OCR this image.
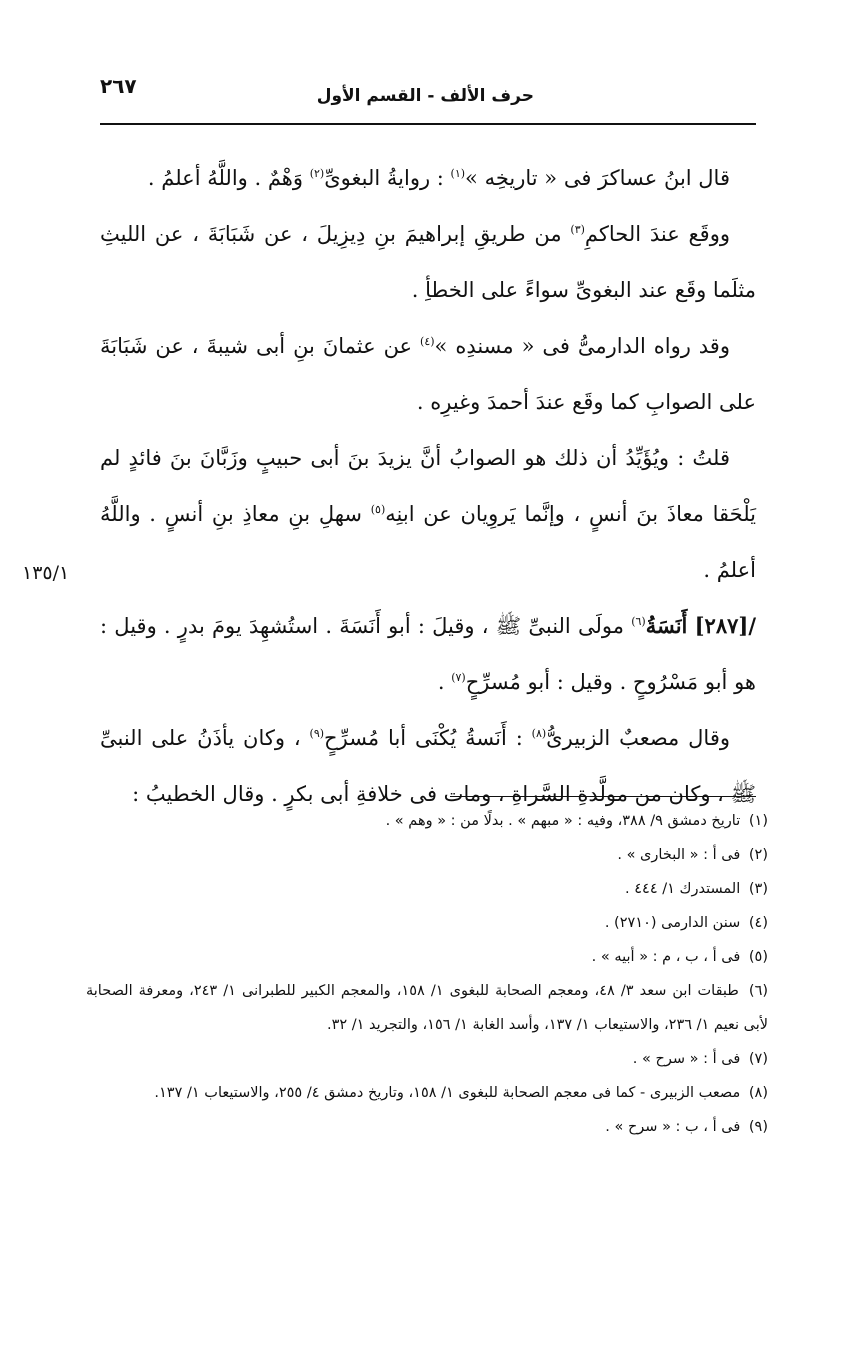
حرف الألف - القسم الأول
٢٦٧

قال ابنُ عساكرَ فى « تاريخِه »$^{(١)}$ : روايةُ البغوىِّ$^{(٢)}$ وَهْمٌ . واللَّهُ أعلمُ .

ووقَع عندَ الحاكمِ$^{(٣)}$ من طريقِ إبراهيمَ بنِ دِيزِيلَ ، عن شَبَابَةَ ، عن الليثِ مثلَما وقَع عند البغوىِّ سواءً على الخطأِ .

وقد رواه الدارمىُّ فى « مسندِه »$^{(٤)}$ عن عثمانَ بنِ أبى شيبةَ ، عن شَبَابَةَ على الصوابِ كما وقَع عندَ أحمدَ وغيرِه .

قلتُ : ويُؤَيِّدُ أن ذلك هو الصوابُ أنَّ يزيدَ بنَ أبى حبيبٍ وزَبَّانَ بنَ فائدٍ لم يَلْحَقا معاذَ بنَ أنسٍ ، وإنَّما يَروِيان عن ابنِه$^{(٥)}$ سهلِ بنِ معاذِ بنِ أنسٍ . واللَّهُ أعلمُ .

/[٢٨٧] أَنَسَةُ$^{(٦)}$ مولَى النبىِّ ﷺ ، وقيلَ : أبو أَنَسَةَ . استُشهِدَ يومَ بدرٍ . وقيل : هو أبو مَسْرُوحٍ . وقيل : أبو مُسرِّحٍ$^{(٧)}$ .

وقال مصعبٌ الزبيرىُّ$^{(٨)}$ : أَنَسةُ يُكْنَى أبا مُسرِّحٍ$^{(٩)}$ ، وكان يأذَنُ على النبىِّ ﷺ ، وكان من مولَّدةِ السَّراةِ ، ومات فى خلافةِ أبى بكرٍ . وقال الخطيبُ :

١٣٥/١

(١) تاريخ دمشق ٩/ ٣٨٨، وفيه : « مبهم » . بدلًا من : « وهم » .

(٢) فى أ : « البخارى » .

(٣) المستدرك ١/ ٤٤٤ .

(٤) سنن الدارمى (٢٧١٠) .

(٥) فى أ ، ب ، م : « أبيه » .

(٦) طبقات ابن سعد ٣/ ٤٨، ومعجم الصحابة للبغوى ١/ ١٥٨، والمعجم الكبير للطبرانى ١/ ٢٤٣، ومعرفة الصحابة لأبى نعيم ١/ ٢٣٦، والاستيعاب ١/ ١٣٧، وأسد الغابة ١/ ١٥٦، والتجريد ١/ ٣٢.

(٧) فى أ : « سرح » .

(٨) مصعب الزبيرى - كما فى معجم الصحابة للبغوى ١/ ١٥٨، وتاريخ دمشق ٤/ ٢٥٥، والاستيعاب ١/ ١٣٧.

(٩) فى أ ، ب : « سرح » .
